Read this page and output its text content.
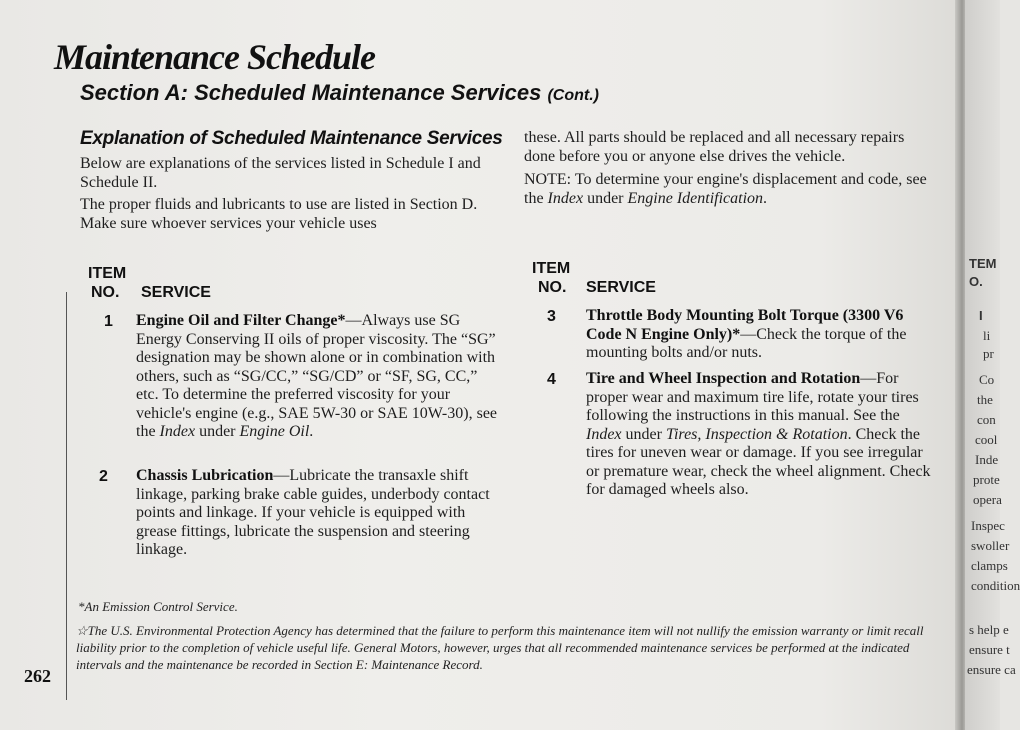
Maintenance Schedule
Section A: Scheduled Maintenance Services (Cont.)
Explanation of Scheduled Maintenance Services

Below are explanations of the services listed in Schedule I and Schedule II.

The proper fluids and lubricants to use are listed in Section D. Make sure whoever services your vehicle uses

these. All parts should be replaced and all necessary repairs done before you or anyone else drives the vehicle.

NOTE: To determine your engine's displacement and code, see the Index under Engine Identification.

ITEM
NO. SERVICE
ITEM
NO. SERVICE
1 Engine Oil and Filter Change*—Always use SG Energy Conserving II oils of proper viscosity. The “SG” designation may be shown alone or in combination with others, such as “SG/CC,” “SG/CD” or “SF, SG, CC,” etc. To determine the preferred viscosity for your vehicle's engine (e.g., SAE 5W-30 or SAE 10W-30), see the Index under Engine Oil.

2 Chassis Lubrication—Lubricate the transaxle shift linkage, parking brake cable guides, underbody contact points and linkage. If your vehicle is equipped with grease fittings, lubricate the suspension and steering linkage.

3 Throttle Body Mounting Bolt Torque (3300 V6 Code N Engine Only)*—Check the torque of the mounting bolts and/or nuts.

4 Tire and Wheel Inspection and Rotation—For proper wear and maximum tire life, rotate your tires following the instructions in this manual. See the Index under Tires, Inspection & Rotation. Check the tires for uneven wear or damage. If you see irregular or premature wear, check the wheel alignment. Check for damaged wheels also.

*An Emission Control Service.

☆The U.S. Environmental Protection Agency has determined that the failure to perform this maintenance item will not nullify the emission warranty or limit recall liability prior to the completion of vehicle useful life. General Motors, however, urges that all recommended maintenance services be performed at the indicated intervals and the maintenance be recorded in Section E: Maintenance Record.

262
TEM
O.
I
li
pr
Co
the
con
cool
Inde
prote
opera
Inspec
swoller
clamps
condition
s help e
ensure t
ensure ca
